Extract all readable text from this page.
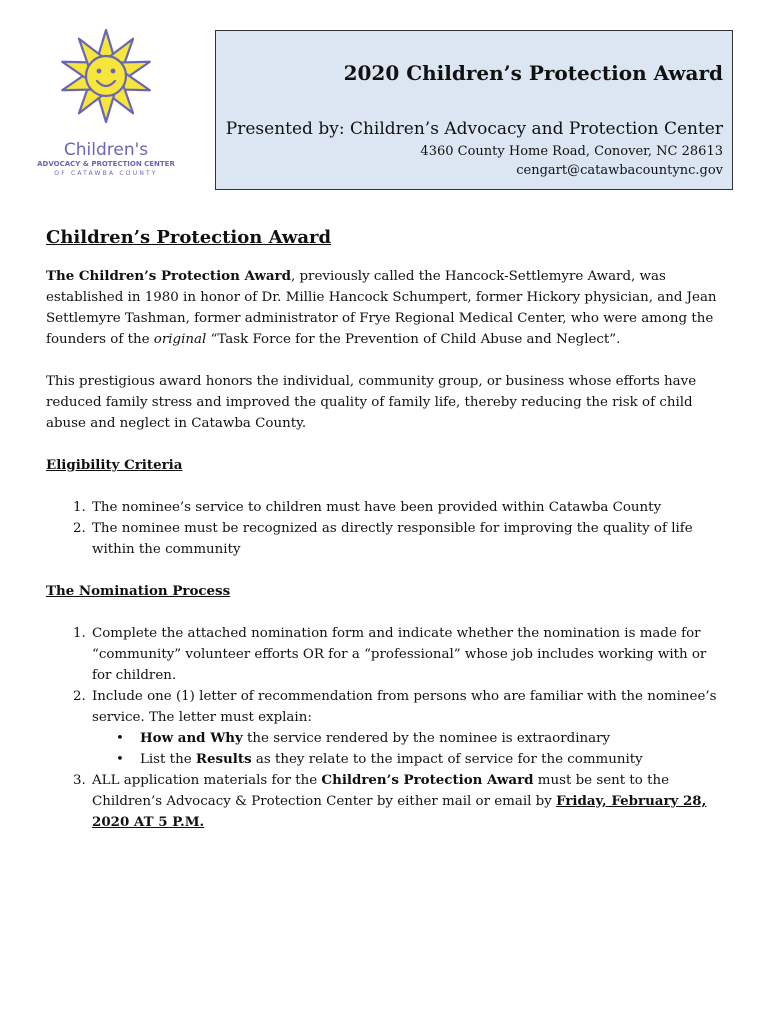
Children's
ADVOCACY & PROTECTION CENTER
OF CATAWBA COUNTY
2020 Children’s Protection Award
Presented by: Children’s Advocacy and Protection Center
4360 County Home Road, Conover, NC 28613
cengart@catawbacountync.gov
Children’s Protection Award

The Children’s Protection Award, previously called the Hancock-Settlemyre Award, was established in 1980 in honor of Dr. Millie Hancock Schumpert, former Hickory physician, and Jean Settlemyre Tashman, former administrator of Frye Regional Medical Center, who were among the founders of the original “Task Force for the Prevention of Child Abuse and Neglect”.

This prestigious award honors the individual, community group, or business whose efforts have reduced family stress and improved the quality of family life, thereby reducing the risk of child abuse and neglect in Catawba County.

Eligibility Criteria
1. The nominee’s service to children must have been provided within Catawba County
2. The nominee must be recognized as directly responsible for improving the quality of life within the community
The Nomination Process
1. Complete the attached nomination form and indicate whether the nomination is made for “community” volunteer efforts OR for a “professional” whose job includes working with or for children.
2. Include one (1) letter of recommendation from persons who are familiar with the nominee’s service. The letter must explain:
• How and Why the service rendered by the nominee is extraordinary
• List the Results as they relate to the impact of service for the community
3. ALL application materials for the Children’s Protection Award must be sent to the Children’s Advocacy & Protection Center by either mail or email by Friday, February 28, 2020 AT 5 P.M.
